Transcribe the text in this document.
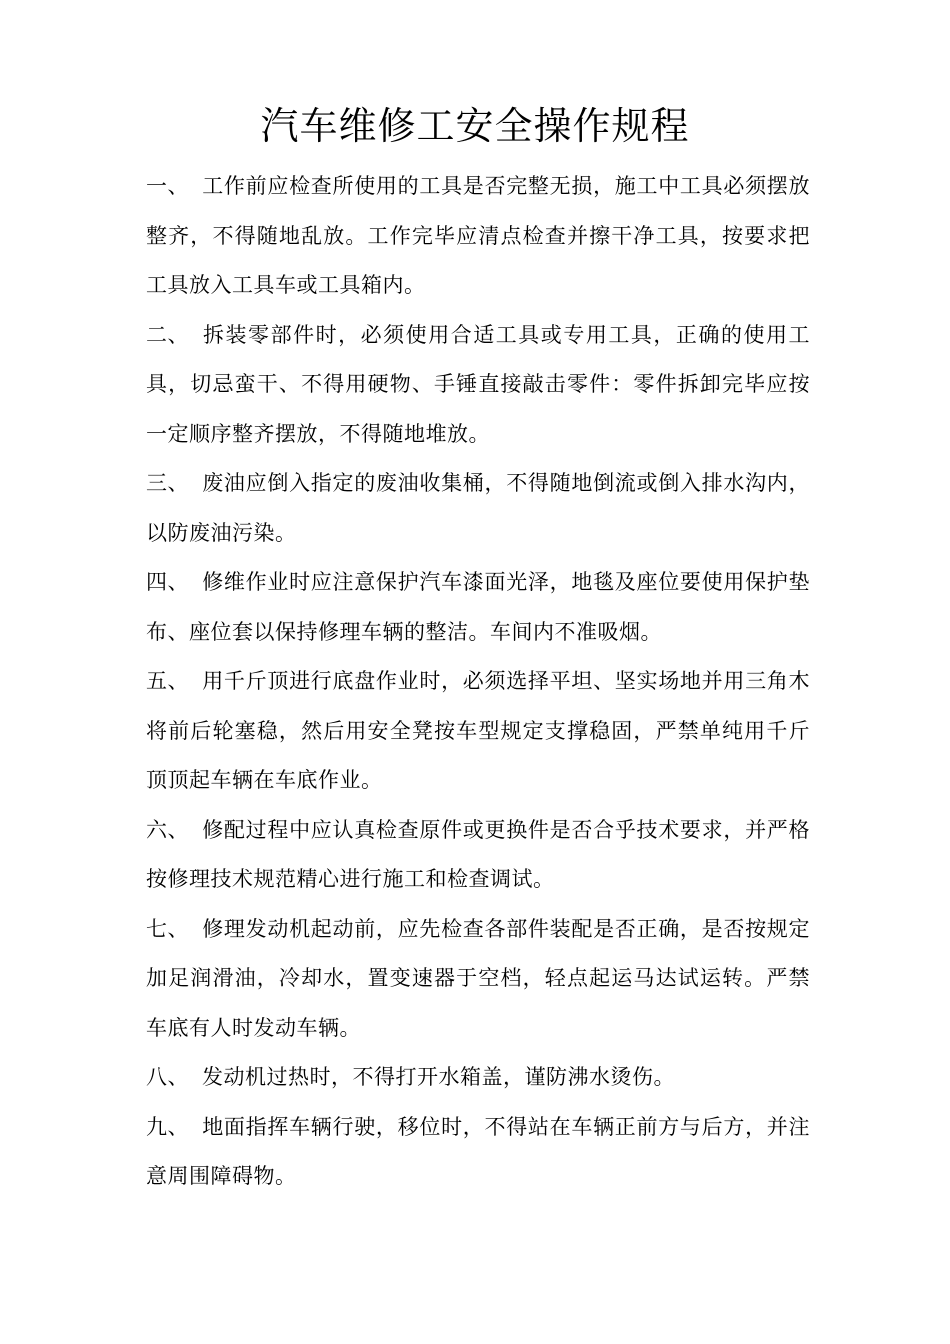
汽车维修工安全操作规程

一、 工作前应检查所使用的工具是否完整无损，施工中工具必须摆放整齐，不得随地乱放。工作完毕应清点检查并擦干净工具，按要求把工具放入工具车或工具箱内。

二、 拆装零部件时，必须使用合适工具或专用工具，正确的使用工具，切忌蛮干、不得用硬物、手锤直接敲击零件：零件拆卸完毕应按一定顺序整齐摆放，不得随地堆放。

三、 废油应倒入指定的废油收集桶，不得随地倒流或倒入排水沟内，以防废油污染。

四、 修维作业时应注意保护汽车漆面光泽，地毯及座位要使用保护垫布、座位套以保持修理车辆的整洁。车间内不准吸烟。

五、 用千斤顶进行底盘作业时，必须选择平坦、坚实场地并用三角木将前后轮塞稳，然后用安全凳按车型规定支撑稳固，严禁单纯用千斤顶顶起车辆在车底作业。

六、 修配过程中应认真检查原件或更换件是否合乎技术要求，并严格按修理技术规范精心进行施工和检查调试。

七、 修理发动机起动前，应先检查各部件装配是否正确，是否按规定加足润滑油，冷却水，置变速器于空档，轻点起运马达试运转。严禁车底有人时发动车辆。

八、 发动机过热时，不得打开水箱盖，谨防沸水烫伤。

九、 地面指挥车辆行驶，移位时，不得站在车辆正前方与后方，并注意周围障碍物。
